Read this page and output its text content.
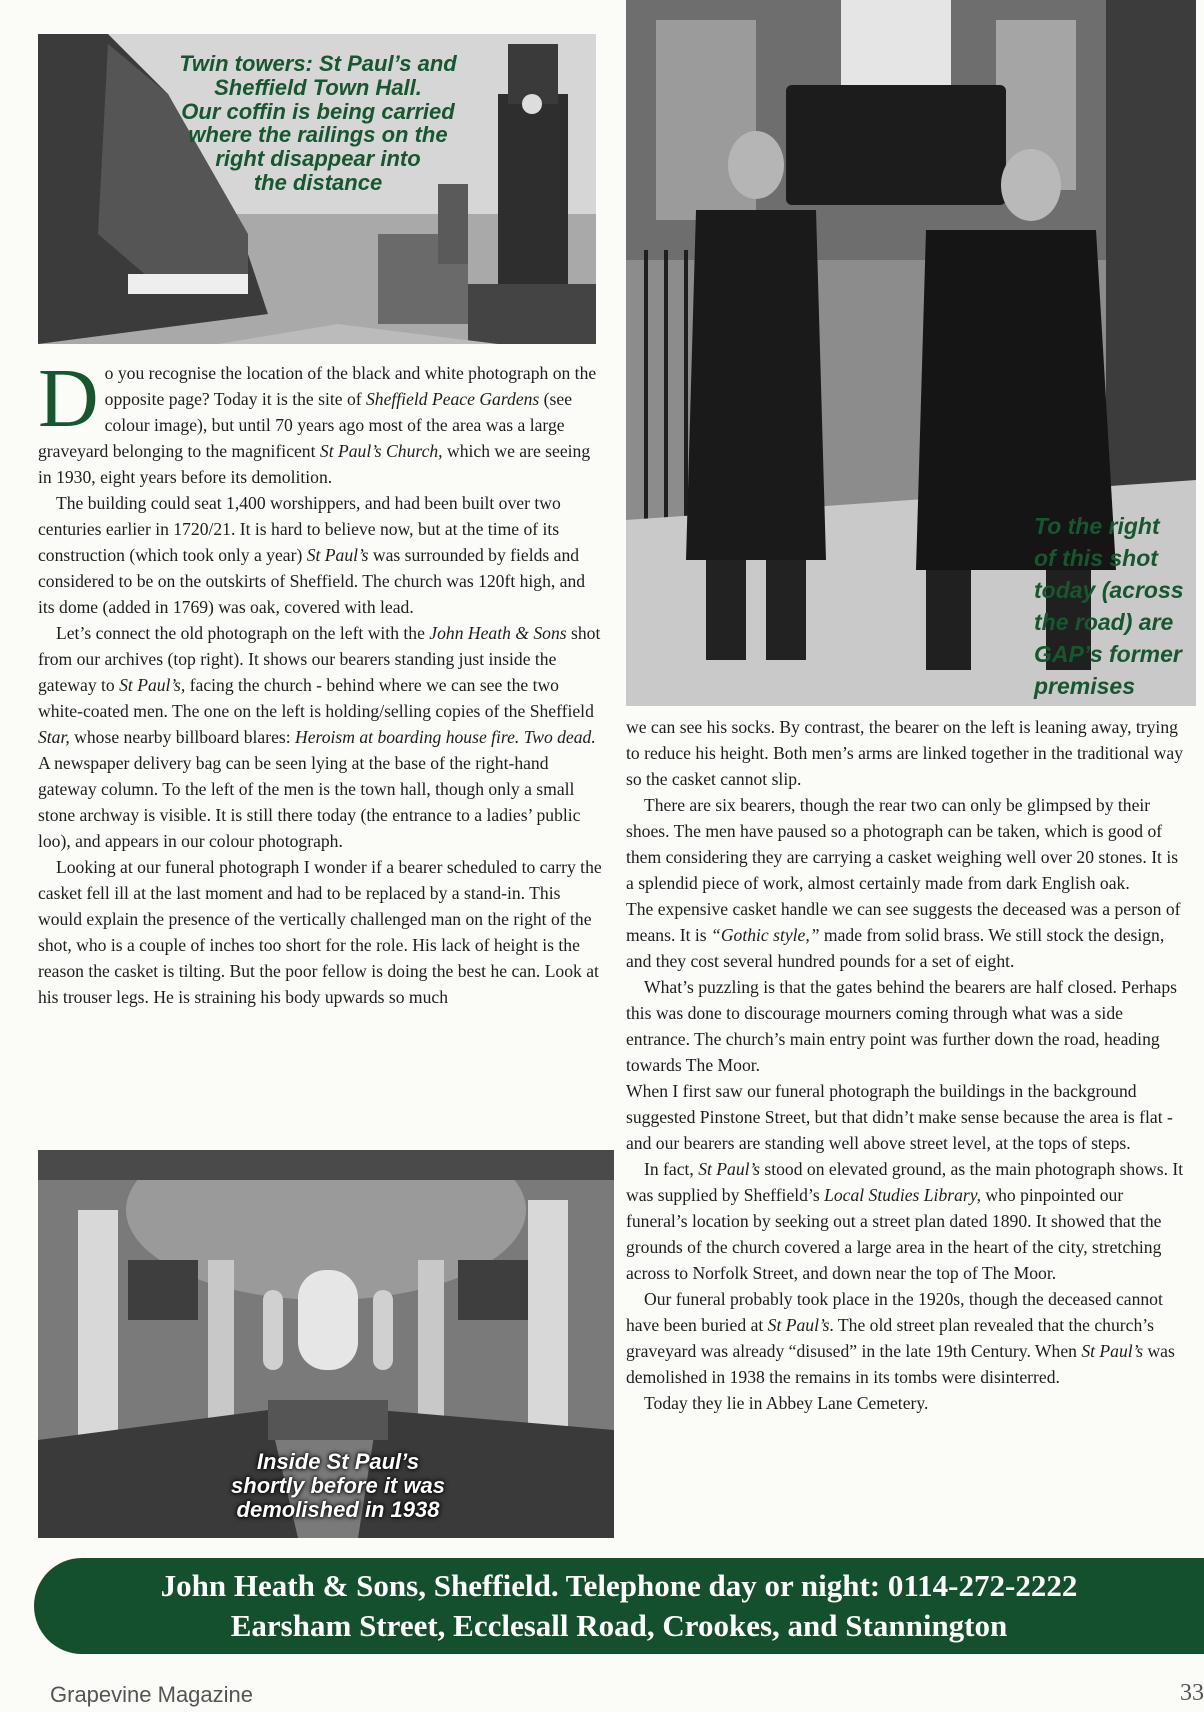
Twin towers: St Paul’s and
Sheffield Town Hall.
Our coffin is being carried
where the railings on the
right disappear into
the distance
To the right
of this shot
today (across
the road) are
GAP’s former
premises

Do you recognise the location of the black and white photograph on the opposite page? Today it is the site of Sheffield Peace Gardens (see colour image), but until 70 years ago most of the area was a large graveyard belonging to the magnificent St Paul’s Church, which we are seeing in 1930, eight years before its demolition.

The building could seat 1,400 worshippers, and had been built over two centuries earlier in 1720/21. It is hard to believe now, but at the time of its construction (which took only a year) St Paul’s was surrounded by fields and considered to be on the outskirts of Sheffield. The church was 120ft high, and its dome (added in 1769) was oak, covered with lead.

Let’s connect the old photograph on the left with the John Heath & Sons shot from our archives (top right). It shows our bearers standing just inside the gateway to St Paul’s, facing the church - behind where we can see the two white-coated men. The one on the left is holding/selling copies of the Sheffield Star, whose nearby billboard blares: Heroism at boarding house fire. Two dead. A newspaper delivery bag can be seen lying at the base of the right-hand gateway column. To the left of the men is the town hall, though only a small stone archway is visible. It is still there today (the entrance to a ladies’ public loo), and appears in our colour photograph.

Looking at our funeral photograph I wonder if a bearer scheduled to carry the casket fell ill at the last moment and had to be replaced by a stand-in. This would explain the presence of the vertically challenged man on the right of the shot, who is a couple of inches too short for the role. His lack of height is the reason the casket is tilting. But the poor fellow is doing the best he can. Look at his trouser legs. He is straining his body upwards so much

Inside St Paul’s
shortly before it was
demolished in 1938

we can see his socks. By contrast, the bearer on the left is leaning away, trying to reduce his height. Both men’s arms are linked together in the traditional way so the casket cannot slip.

There are six bearers, though the rear two can only be glimpsed by their shoes. The men have paused so a photograph can be taken, which is good of them considering they are carrying a casket weighing well over 20 stones. It is a splendid piece of work, almost certainly made from dark English oak.

The expensive casket handle we can see suggests the deceased was a person of means. It is “Gothic style,” made from solid brass. We still stock the design, and they cost several hundred pounds for a set of eight.

What’s puzzling is that the gates behind the bearers are half closed. Perhaps this was done to discourage mourners coming through what was a side entrance. The church’s main entry point was further down the road, heading towards The Moor.

When I first saw our funeral photograph the buildings in the background suggested Pinstone Street, but that didn’t make sense because the area is flat - and our bearers are standing well above street level, at the tops of steps.

In fact, St Paul’s stood on elevated ground, as the main photograph shows. It was supplied by Sheffield’s Local Studies Library, who pinpointed our funeral’s location by seeking out a street plan dated 1890. It showed that the grounds of the church covered a large area in the heart of the city, stretching across to Norfolk Street, and down near the top of The Moor.

Our funeral probably took place in the 1920s, though the deceased cannot have been buried at St Paul’s. The old street plan revealed that the church’s graveyard was already “disused” in the late 19th Century. When St Paul’s was demolished in 1938 the remains in its tombs were disinterred.

Today they lie in Abbey Lane Cemetery.

John Heath & Sons, Sheffield. Telephone day or night: 0114-272-2222
Earsham Street, Ecclesall Road, Crookes, and Stannington
Grapevine Magazine	33
